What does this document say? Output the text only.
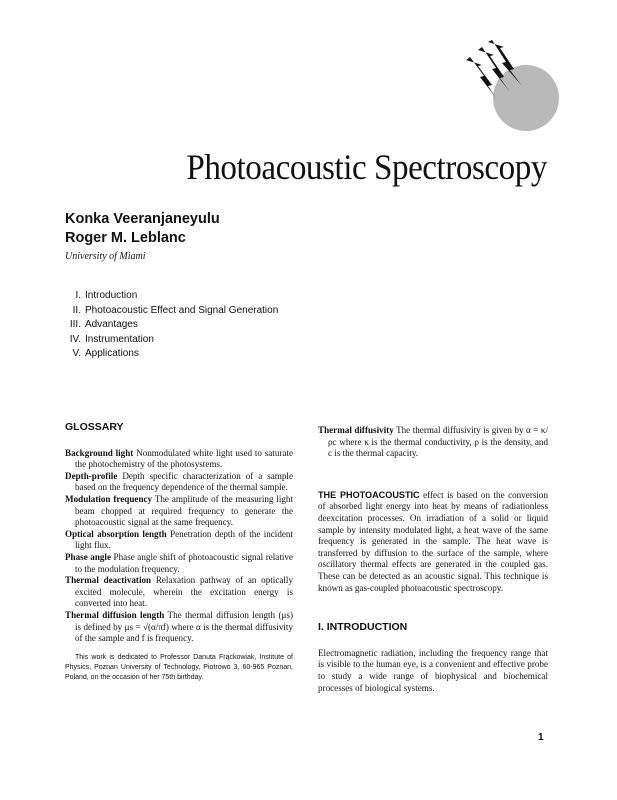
Photoacoustic Spectroscopy
Konka Veeranjaneyulu
Roger M. Leblanc
University of Miami
I. Introduction
II. Photoacoustic Effect and Signal Generation
III. Advantages
IV. Instrumentation
V. Applications
GLOSSARY

Background light Nonmodulated white light used to saturate the photochemistry of the photosystems.

Depth-profile Depth specific characterization of a sample based on the frequency dependence of the thermal sample.

Modulation frequency The amplitude of the measuring light beam chopped at required frequency to generate the photoacoustic signal at the same frequency.

Optical absorption length Penetration depth of the incident light flux.

Phase angle Phase angle shift of photoacoustic signal relative to the modulation frequency.

Thermal deactivation Relaxation pathway of an optically excited molecule, wherein the excitation energy is converted into heat.

Thermal diffusion length The thermal diffusion length (μs) is defined by μs = √(α/πf) where α is the thermal diffusivity of the sample and f is frequency.

This work is dedicated to Professor Danuta Frąckowiak, Institute of Physics, Poznan University of Technology, Piotrowo 3, 60-965 Poznan, Poland, on the occasion of her 75th birthday.

Thermal diffusivity The thermal diffusivity is given by α = κ/ρc where κ is the thermal conductivity, ρ is the density, and c is the thermal capacity.

THE PHOTOACOUSTIC effect is based on the conversion of absorbed light energy into heat by means of radiationless deexcitation processes. On irradiation of a solid or liquid sample by intensity modulated light, a heat wave of the same frequency is generated in the sample. The heat wave is transferred by diffusion to the surface of the sample, where oscillatory thermal effects are generated in the coupled gas. These can be detected as an acoustic signal. This technique is known as gas-coupled photoacoustic spectroscopy.

I. INTRODUCTION

Electromagnetic radiation, including the frequency range that is visible to the human eye, is a convenient and effective probe to study a wide range of biophysical and biochemical processes of biological systems.

1
